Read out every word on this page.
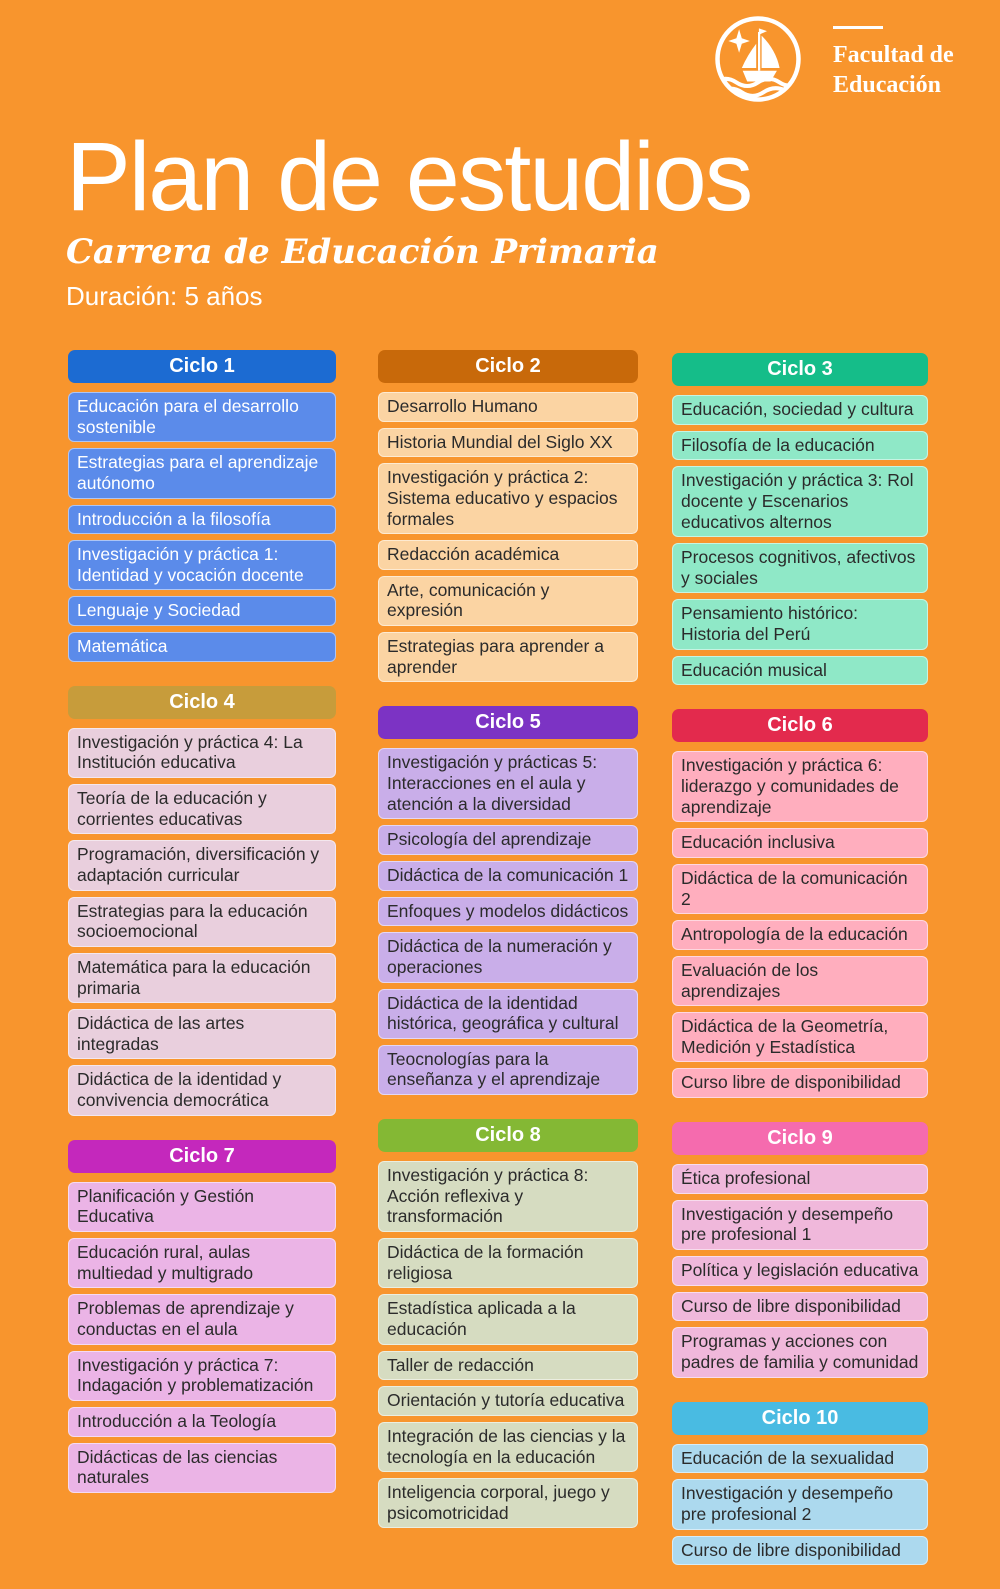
Facultad de
Educación
Plan de estudios
Carrera de Educación Primaria
Duración: 5 años
Ciclo 1
Educación para el desarrollo sostenible
Estrategias para el aprendizaje autónomo
Introducción a la filosofía
Investigación y práctica 1: Identidad y vocación docente
Lenguaje y Sociedad
Matemática
Ciclo 4
Investigación y práctica 4: La Institución educativa
Teoría de la educación y corrientes educativas
Programación, diversificación y adaptación curricular
Estrategias para la educación socioemocional
Matemática para la educación primaria
Didáctica de las artes integradas
Didáctica de la identidad y convivencia democrática
Ciclo 7
Planificación y Gestión Educativa
Educación rural, aulas multiedad y multigrado
Problemas de aprendizaje y conductas en el aula
Investigación y práctica 7: Indagación y problematización
Introducción a la Teología
Didácticas de las ciencias naturales
Ciclo 2
Desarrollo Humano
Historia Mundial del Siglo XX
Investigación y práctica 2: Sistema educativo y espacios formales
Redacción académica
Arte, comunicación y expresión
Estrategias para aprender a aprender
Ciclo 5
Investigación y prácticas 5: Interacciones en el aula y atención a la diversidad
Psicología del aprendizaje
Didáctica de la comunicación 1
Enfoques y modelos didácticos
Didáctica de la numeración y operaciones
Didáctica de la identidad histórica, geográfica y cultural
Teocnologías para la enseñanza y el aprendizaje
Ciclo 8
Investigación y práctica 8: Acción reflexiva y transformación
Didáctica de la formación religiosa
Estadística aplicada a la educación
Taller de redacción
Orientación y tutoría educativa
Integración de las ciencias y la tecnología en la educación
Inteligencia corporal, juego y psicomotricidad
Ciclo 3
Educación, sociedad y cultura
Filosofía de la educación
Investigación y práctica 3: Rol docente y Escenarios educativos alternos
Procesos cognitivos, afectivos y sociales
Pensamiento histórico: Historia del Perú
Educación musical
Ciclo 6
Investigación y práctica 6: liderazgo y comunidades de aprendizaje
Educación inclusiva
Didáctica de la comunicación 2
Antropología de la educación
Evaluación de los aprendizajes
Didáctica de la Geometría, Medición y Estadística
Curso libre de disponibilidad
Ciclo 9
Ética profesional
Investigación y desempeño pre profesional 1
Política y legislación educativa
Curso de libre disponibilidad
Programas y acciones con padres de familia y comunidad
Ciclo 10
Educación de la sexualidad
Investigación y desempeño pre profesional 2
Curso de libre disponibilidad
